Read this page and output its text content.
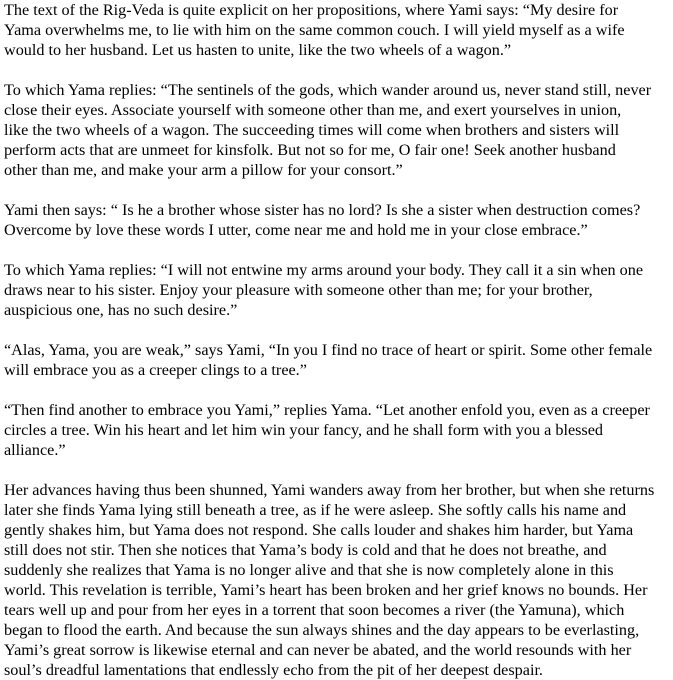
The text of the Rig-Veda is quite explicit on her propositions, where Yami says: “My desire for
Yama overwhelms me, to lie with him on the same common couch. I will yield myself as a wife
would to her husband. Let us hasten to unite, like the two wheels of a wagon.”

To which Yama replies: “The sentinels of the gods, which wander around us, never stand still, never
close their eyes. Associate yourself with someone other than me, and exert yourselves in union,
like the two wheels of a wagon. The succeeding times will come when brothers and sisters will
perform acts that are unmeet for kinsfolk. But not so for me, O fair one! Seek another husband
other than me, and make your arm a pillow for your consort.”

Yami then says: “ Is he a brother whose sister has no lord? Is she a sister when destruction comes?
Overcome by love these words I utter, come near me and hold me in your close embrace.”

To which Yama replies: “I will not entwine my arms around your body. They call it a sin when one
draws near to his sister. Enjoy your pleasure with someone other than me; for your brother,
auspicious one, has no such desire.”

“Alas, Yama, you are weak,” says Yami, “In you I find no trace of heart or spirit. Some other female
will embrace you as a creeper clings to a tree.”

“Then find another to embrace you Yami,” replies Yama. “Let another enfold you, even as a creeper
circles a tree. Win his heart and let him win your fancy, and he shall form with you a blessed
alliance.”

Her advances having thus been shunned, Yami wanders away from her brother, but when she returns
later she finds Yama lying still beneath a tree, as if he were asleep. She softly calls his name and
gently shakes him, but Yama does not respond. She calls louder and shakes him harder, but Yama
still does not stir. Then she notices that Yama’s body is cold and that he does not breathe, and
suddenly she realizes that Yama is no longer alive and that she is now completely alone in this
world. This revelation is terrible, Yami’s heart has been broken and her grief knows no bounds. Her
tears well up and pour from her eyes in a torrent that soon becomes a river (the Yamuna), which
began to flood the earth. And because the sun always shines and the day appears to be everlasting,
Yami’s great sorrow is likewise eternal and can never be abated, and the world resounds with her
soul’s dreadful lamentations that endlessly echo from the pit of her deepest despair.
